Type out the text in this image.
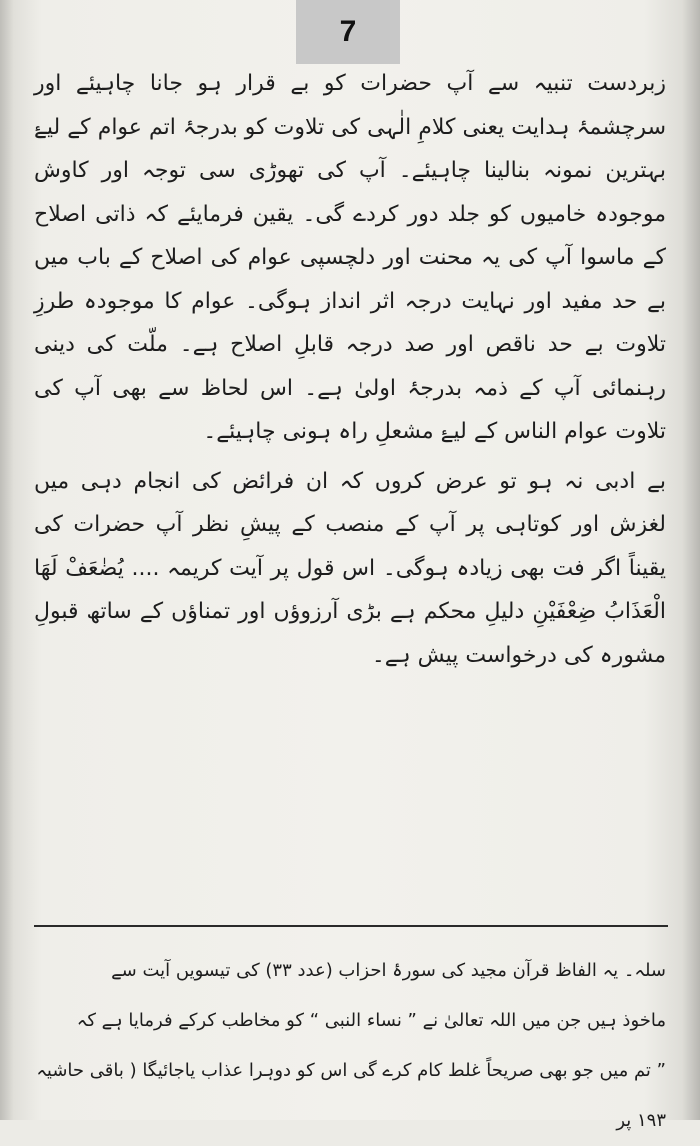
7

زبردست تنبیہ سے آپ حضرات کو بے قرار ہو جانا چاہیئے اور سرچشمۂ ہدایت یعنی کلامِ الٰہی کی تلاوت کو بدرجۂ اتم عوام کے لیۓ بہترین نمونہ بنالینا چاہیئے۔ آپ کی تھوڑی سی توجہ اور کاوش موجودہ خامیوں کو جلد دور کردے گی۔ یقین فرمایئے کہ ذاتی اصلاح کے ماسوا آپ کی یہ محنت اور دلچسپی عوام کی اصلاح کے باب میں بے حد مفید اور نہایت درجہ اثر انداز ہوگی۔ عوام کا موجودہ طرزِ تلاوت بے حد ناقص اور صد درجہ قابلِ اصلاح ہے۔ ملّت کی دینی رہنمائی آپ کے ذمہ بدرجۂ اولیٰ ہے۔ اس لحاظ سے بھی آپ کی تلاوت عوام الناس کے لیۓ مشعلِ راہ ہونی چاہیئے۔

بے ادبی نہ ہو تو عرض کروں کہ ان فرائض کی انجام دہی میں لغزش اور کوتاہی پر آپ کے منصب کے پیشِ نظر آپ حضرات کی یقیناً اگر فت بھی زیادہ ہوگی۔ اس قول پر آیت کریمہ .... یُضٰعَفْ لَهَا الْعَذَابُ ضِعْفَیْنِ دلیلِ محکم ہے بڑی آرزوؤں اور تمناؤں کے ساتھ قبولِ مشورہ کی درخواست پیش ہے۔

سلہ۔ یہ الفاظ قرآن مجید کی سورۂ احزاب (عدد ۳۳) کی تیسویں آیت سے

ماخوذ ہیں جن میں اللہ تعالیٰ نے ” نساء النبی “ کو مخاطب کرکے فرمایا ہے کہ

” تم میں جو بھی صریحاً غلط کام کرے گی اس کو دوہرا عذاب یاجائیگا ( باقی حاشیہ ۱۹۳ پر
